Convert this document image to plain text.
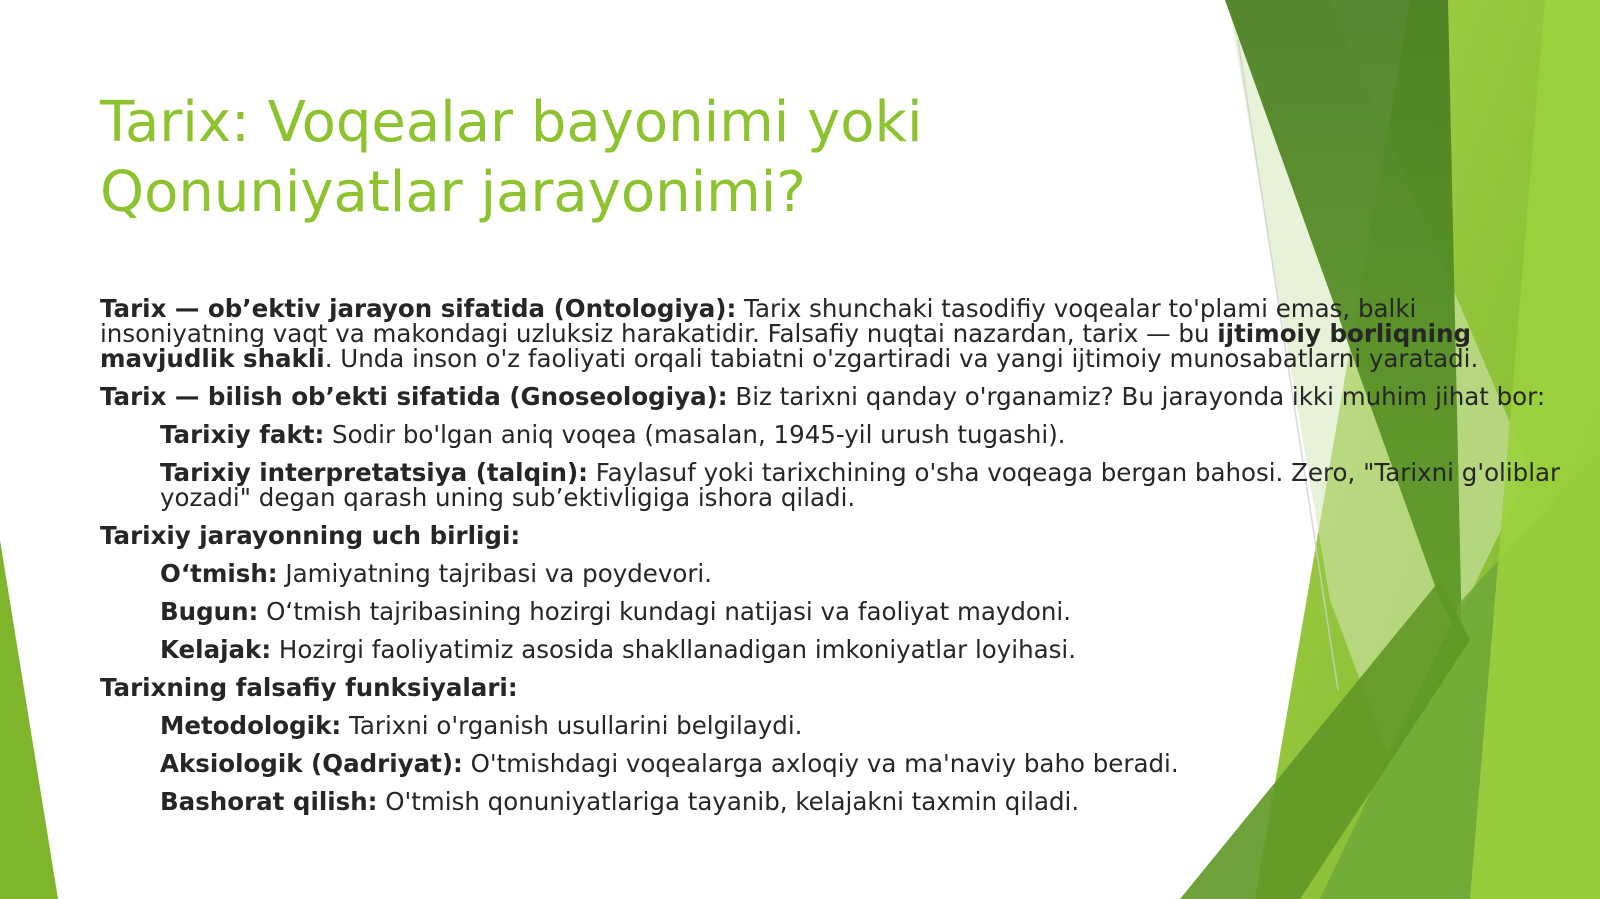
Tarix: Voqealar bayonimi yoki
Qonuniyatlar jarayonimi?

Tarix — ob’ektiv jarayon sifatida (Ontologiya): Tarix shunchaki tasodifiy voqealar to'plami emas, balki insoniyatning vaqt va makondagi uzluksiz harakatidir. Falsafiy nuqtai nazardan, tarix — bu ijtimoiy borliqning mavjudlik shakli. Unda inson o'z faoliyati orqali tabiatni o'zgartiradi va yangi ijtimoiy munosabatlarni yaratadi.

Tarix — bilish ob’ekti sifatida (Gnoseologiya): Biz tarixni qanday o'rganamiz? Bu jarayonda ikki muhim jihat bor:

Tarixiy fakt: Sodir bo'lgan aniq voqea (masalan, 1945-yil urush tugashi).

Tarixiy interpretatsiya (talqin): Faylasuf yoki tarixchining o'sha voqeaga bergan bahosi. Zero, "Tarixni g'oliblar yozadi" degan qarash uning sub’ektivligiga ishora qiladi.

Tarixiy jarayonning uch birligi:

O‘tmish: Jamiyatning tajribasi va poydevori.

Bugun: O‘tmish tajribasining hozirgi kundagi natijasi va faoliyat maydoni.

Kelajak: Hozirgi faoliyatimiz asosida shakllanadigan imkoniyatlar loyihasi.

Tarixning falsafiy funksiyalari:

Metodologik: Tarixni o'rganish usullarini belgilaydi.

Aksiologik (Qadriyat): O'tmishdagi voqealarga axloqiy va ma'naviy baho beradi.

Bashorat qilish: O'tmish qonuniyatlariga tayanib, kelajakni taxmin qiladi.
